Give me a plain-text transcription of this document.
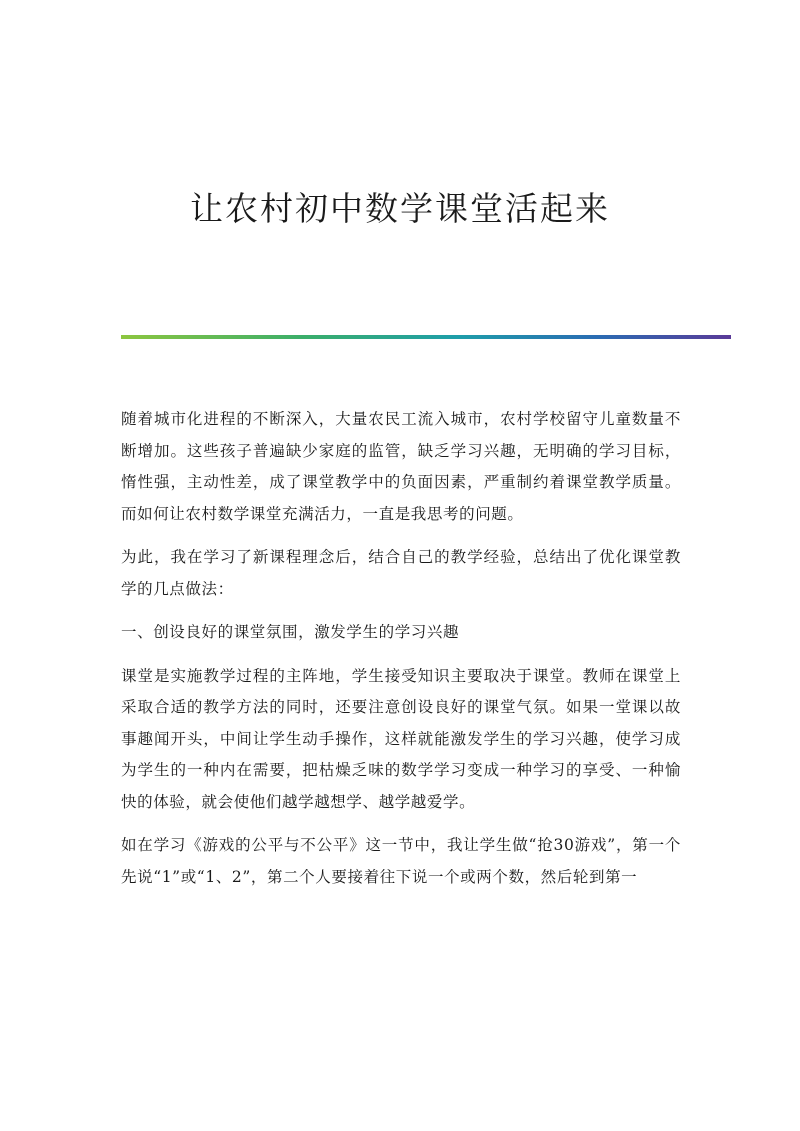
让农村初中数学课堂活起来

随着城市化进程的不断深入，大量农民工流入城市，农村学校留守儿童数量不断增加。这些孩子普遍缺少家庭的监管，缺乏学习兴趣，无明确的学习目标，惰性强，主动性差，成了课堂教学中的负面因素，严重制约着课堂教学质量。而如何让农村数学课堂充满活力，一直是我思考的问题。

为此，我在学习了新课程理念后，结合自己的教学经验，总结出了优化课堂教学的几点做法：

一、创设良好的课堂氛围，激发学生的学习兴趣

课堂是实施教学过程的主阵地，学生接受知识主要取决于课堂。教师在课堂上采取合适的教学方法的同时，还要注意创设良好的课堂气氛。如果一堂课以故事趣闻开头，中间让学生动手操作，这样就能激发学生的学习兴趣，使学习成为学生的一种内在需要，把枯燥乏味的数学学习变成一种学习的享受、一种愉快的体验，就会使他们越学越想学、越学越爱学。

如在学习《游戏的公平与不公平》这一节中，我让学生做“抢30游戏”，第一个先说“1”或“1、2”，第二个人要接着往下说一个或两个数，然后轮到第一
